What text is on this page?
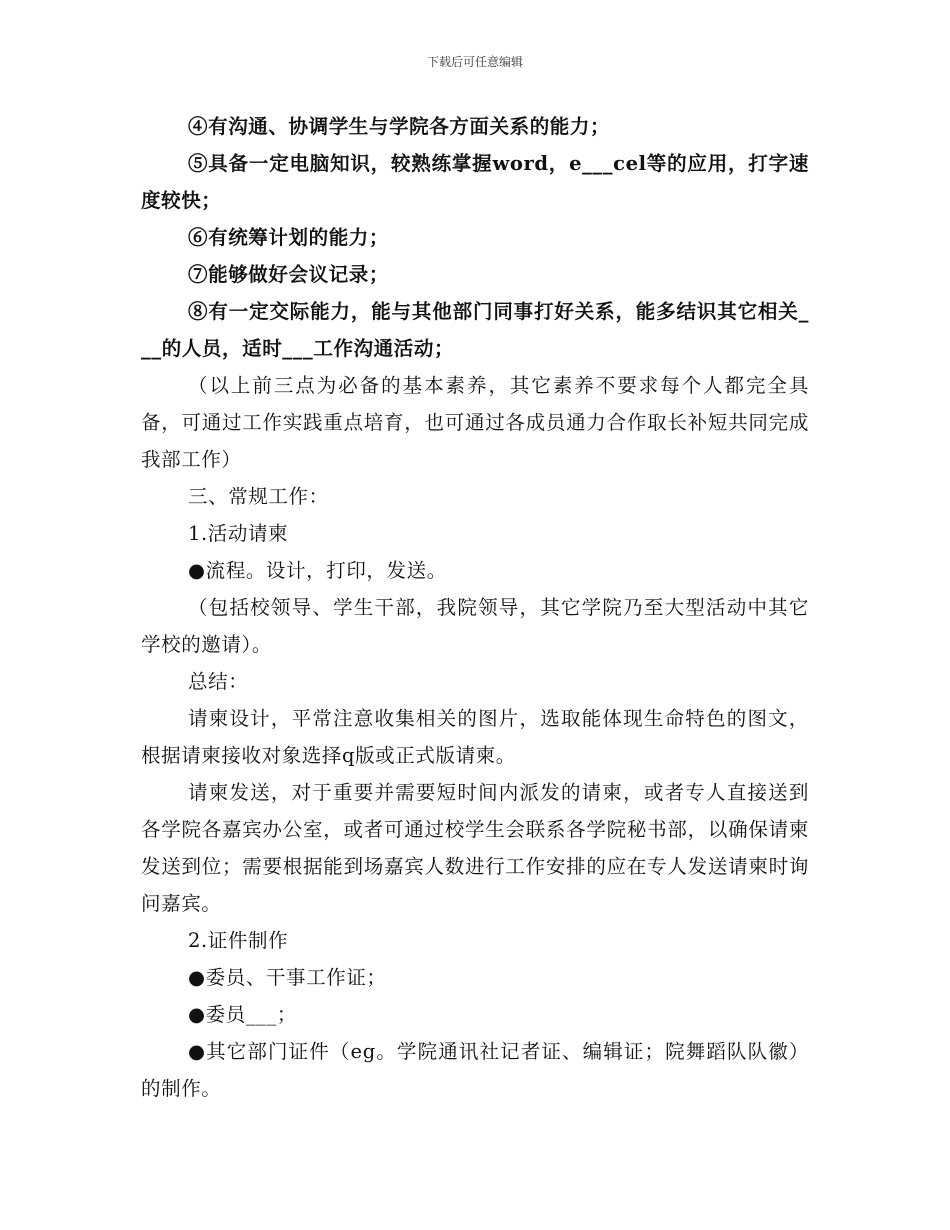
下载后可任意编辑

④有沟通、协调学生与学院各方面关系的能力；

⑤具备一定电脑知识，较熟练掌握word，e___cel等的应用，打字速度较快；

⑥有统筹计划的能力；

⑦能够做好会议记录；

⑧有一定交际能力，能与其他部门同事打好关系，能多结识其它相关___的人员，适时___工作沟通活动；

（以上前三点为必备的基本素养，其它素养不要求每个人都完全具备，可通过工作实践重点培育，也可通过各成员通力合作取长补短共同完成我部工作）

三、常规工作：

1.活动请柬

●流程。设计，打印，发送。

（包括校领导、学生干部，我院领导，其它学院乃至大型活动中其它学校的邀请）。

总结：

请柬设计，平常注意收集相关的图片，选取能体现生命特色的图文，根据请柬接收对象选择q版或正式版请柬。

请柬发送，对于重要并需要短时间内派发的请柬，或者专人直接送到各学院各嘉宾办公室，或者可通过校学生会联系各学院秘书部，以确保请柬发送到位；需要根据能到场嘉宾人数进行工作安排的应在专人发送请柬时询问嘉宾。

2.证件制作

●委员、干事工作证；

●委员___；

●其它部门证件（eg。学院通讯社记者证、编辑证；院舞蹈队队徽）的制作。
